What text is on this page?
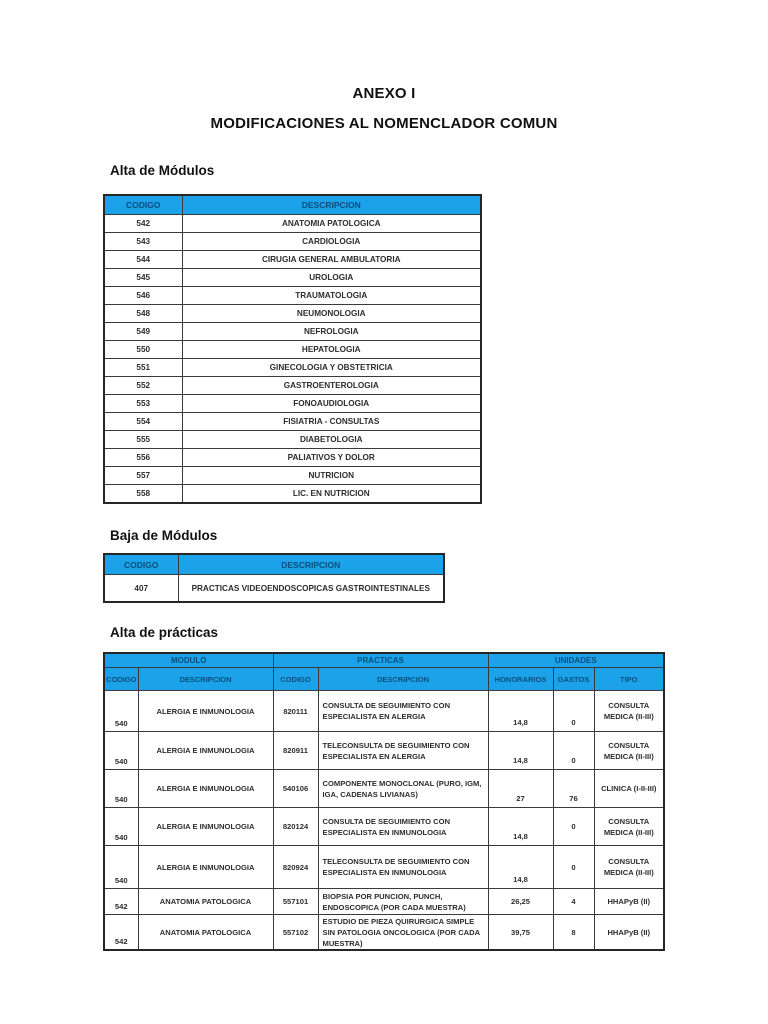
ANEXO I
MODIFICACIONES AL NOMENCLADOR COMUN
Alta de Módulos
CODIGO	DESCRIPCION
542	ANATOMIA PATOLOGICA
543	CARDIOLOGIA
544	CIRUGIA GENERAL AMBULATORIA
545	UROLOGIA
546	TRAUMATOLOGIA
548	NEUMONOLOGIA
549	NEFROLOGIA
550	HEPATOLOGIA
551	GINECOLOGIA Y OBSTETRICIA
552	GASTROENTEROLOGIA
553	FONOAUDIOLOGIA
554	FISIATRIA - CONSULTAS
555	DIABETOLOGIA
556	PALIATIVOS Y DOLOR
557	NUTRICION
558	LIC. EN NUTRICION
Baja de Módulos
CODIGO	DESCRIPCION
407	PRACTICAS VIDEOENDOSCOPICAS GASTROINTESTINALES
Alta de prácticas
MODULO		PRACTICAS		UNIDADES		
CODIGO	DESCRIPCION	CODIGO	DESCRIPCION	HONORARIOS	GASTOS	TIPO
540	ALERGIA E INMUNOLOGIA	820111	CONSULTA DE SEGUIMIENTO CON ESPECIALISTA EN ALERGIA	14,8	0	CONSULTA MEDICA (II-III)
540	ALERGIA E INMUNOLOGIA	820911	TELECONSULTA DE SEGUIMIENTO CON ESPECIALISTA EN ALERGIA	14,8	0	CONSULTA MEDICA (II-III)
540	ALERGIA E INMUNOLOGIA	540106	COMPONENTE MONOCLONAL (PURO, IGM, IGA, CADENAS LIVIANAS)	27	76	CLINICA (I-II-III)
540	ALERGIA E INMUNOLOGIA	820124	CONSULTA DE SEGUIMIENTO CON ESPECIALISTA EN INMUNOLOGIA	14,8	0	CONSULTA MEDICA (II-III)
540	ALERGIA E INMUNOLOGIA	820924	TELECONSULTA DE SEGUIMIENTO CON ESPECIALISTA EN INMUNOLOGIA	14,8	0	CONSULTA MEDICA (II-III)
542	ANATOMIA PATOLOGICA	557101	BIOPSIA POR PUNCION, PUNCH, ENDOSCOPICA (POR CADA MUESTRA)	26,25	4	HHAPyB (II)
542	ANATOMIA PATOLOGICA	557102	ESTUDIO DE PIEZA QUIRURGICA SIMPLE SIN PATOLOGIA ONCOLOGICA (POR CADA MUESTRA)	39,75	8	HHAPyB (II)
